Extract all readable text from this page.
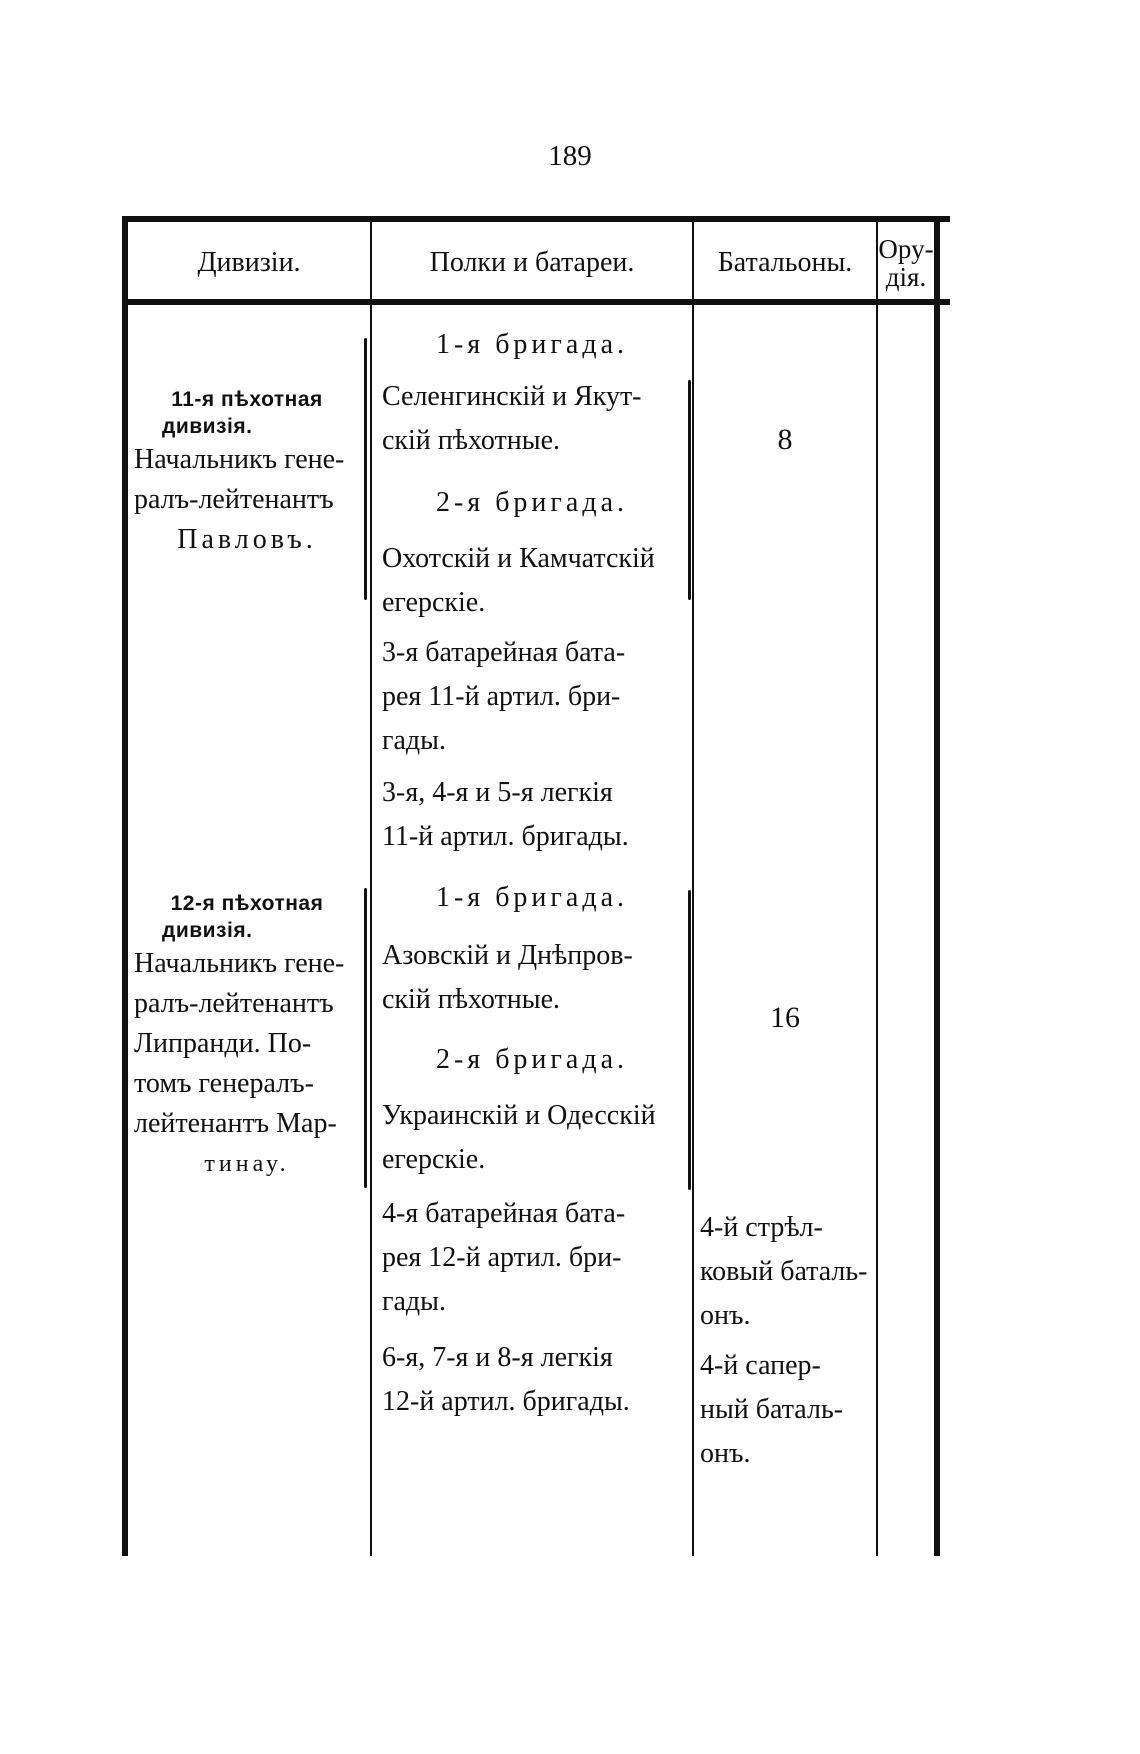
189
Дивизіи.	Полки и батареи.	Батальоны. Ору-
дія.
11-я пѣхотная
дивизія.
Начальникъ гене-
ралъ-лейтенантъ
Павловъ.
1-я бригада.
Селенгинскій и Якут-
скій пѣхотные.
2-я бригада.
Охотскій и Камчатскій
егерскіе.
3-я батарейная бата-
рея 11-й артил. бри-
гады.
3-я, 4-я и 5-я легкія
11-й артил. бригады.
8
12-я пѣхотная
дивизія.
Начальникъ гене-
ралъ-лейтенантъ
Липранди. По-
томъ генералъ-
лейтенантъ Мар-
тинау.
1-я бригада.
Азовскій и Днѣпров-
скій пѣхотные.
2-я бригада.
Украинскій и Одесскій
егерскіе.
4-я батарейная бата-
рея 12-й артил. бри-
гады.
6-я, 7-я и 8-я легкія
12-й артил. бригады.
16
4-й стрѣл-
ковый баталь-
онъ.
4-й сапер-
ный баталь-
онъ.
